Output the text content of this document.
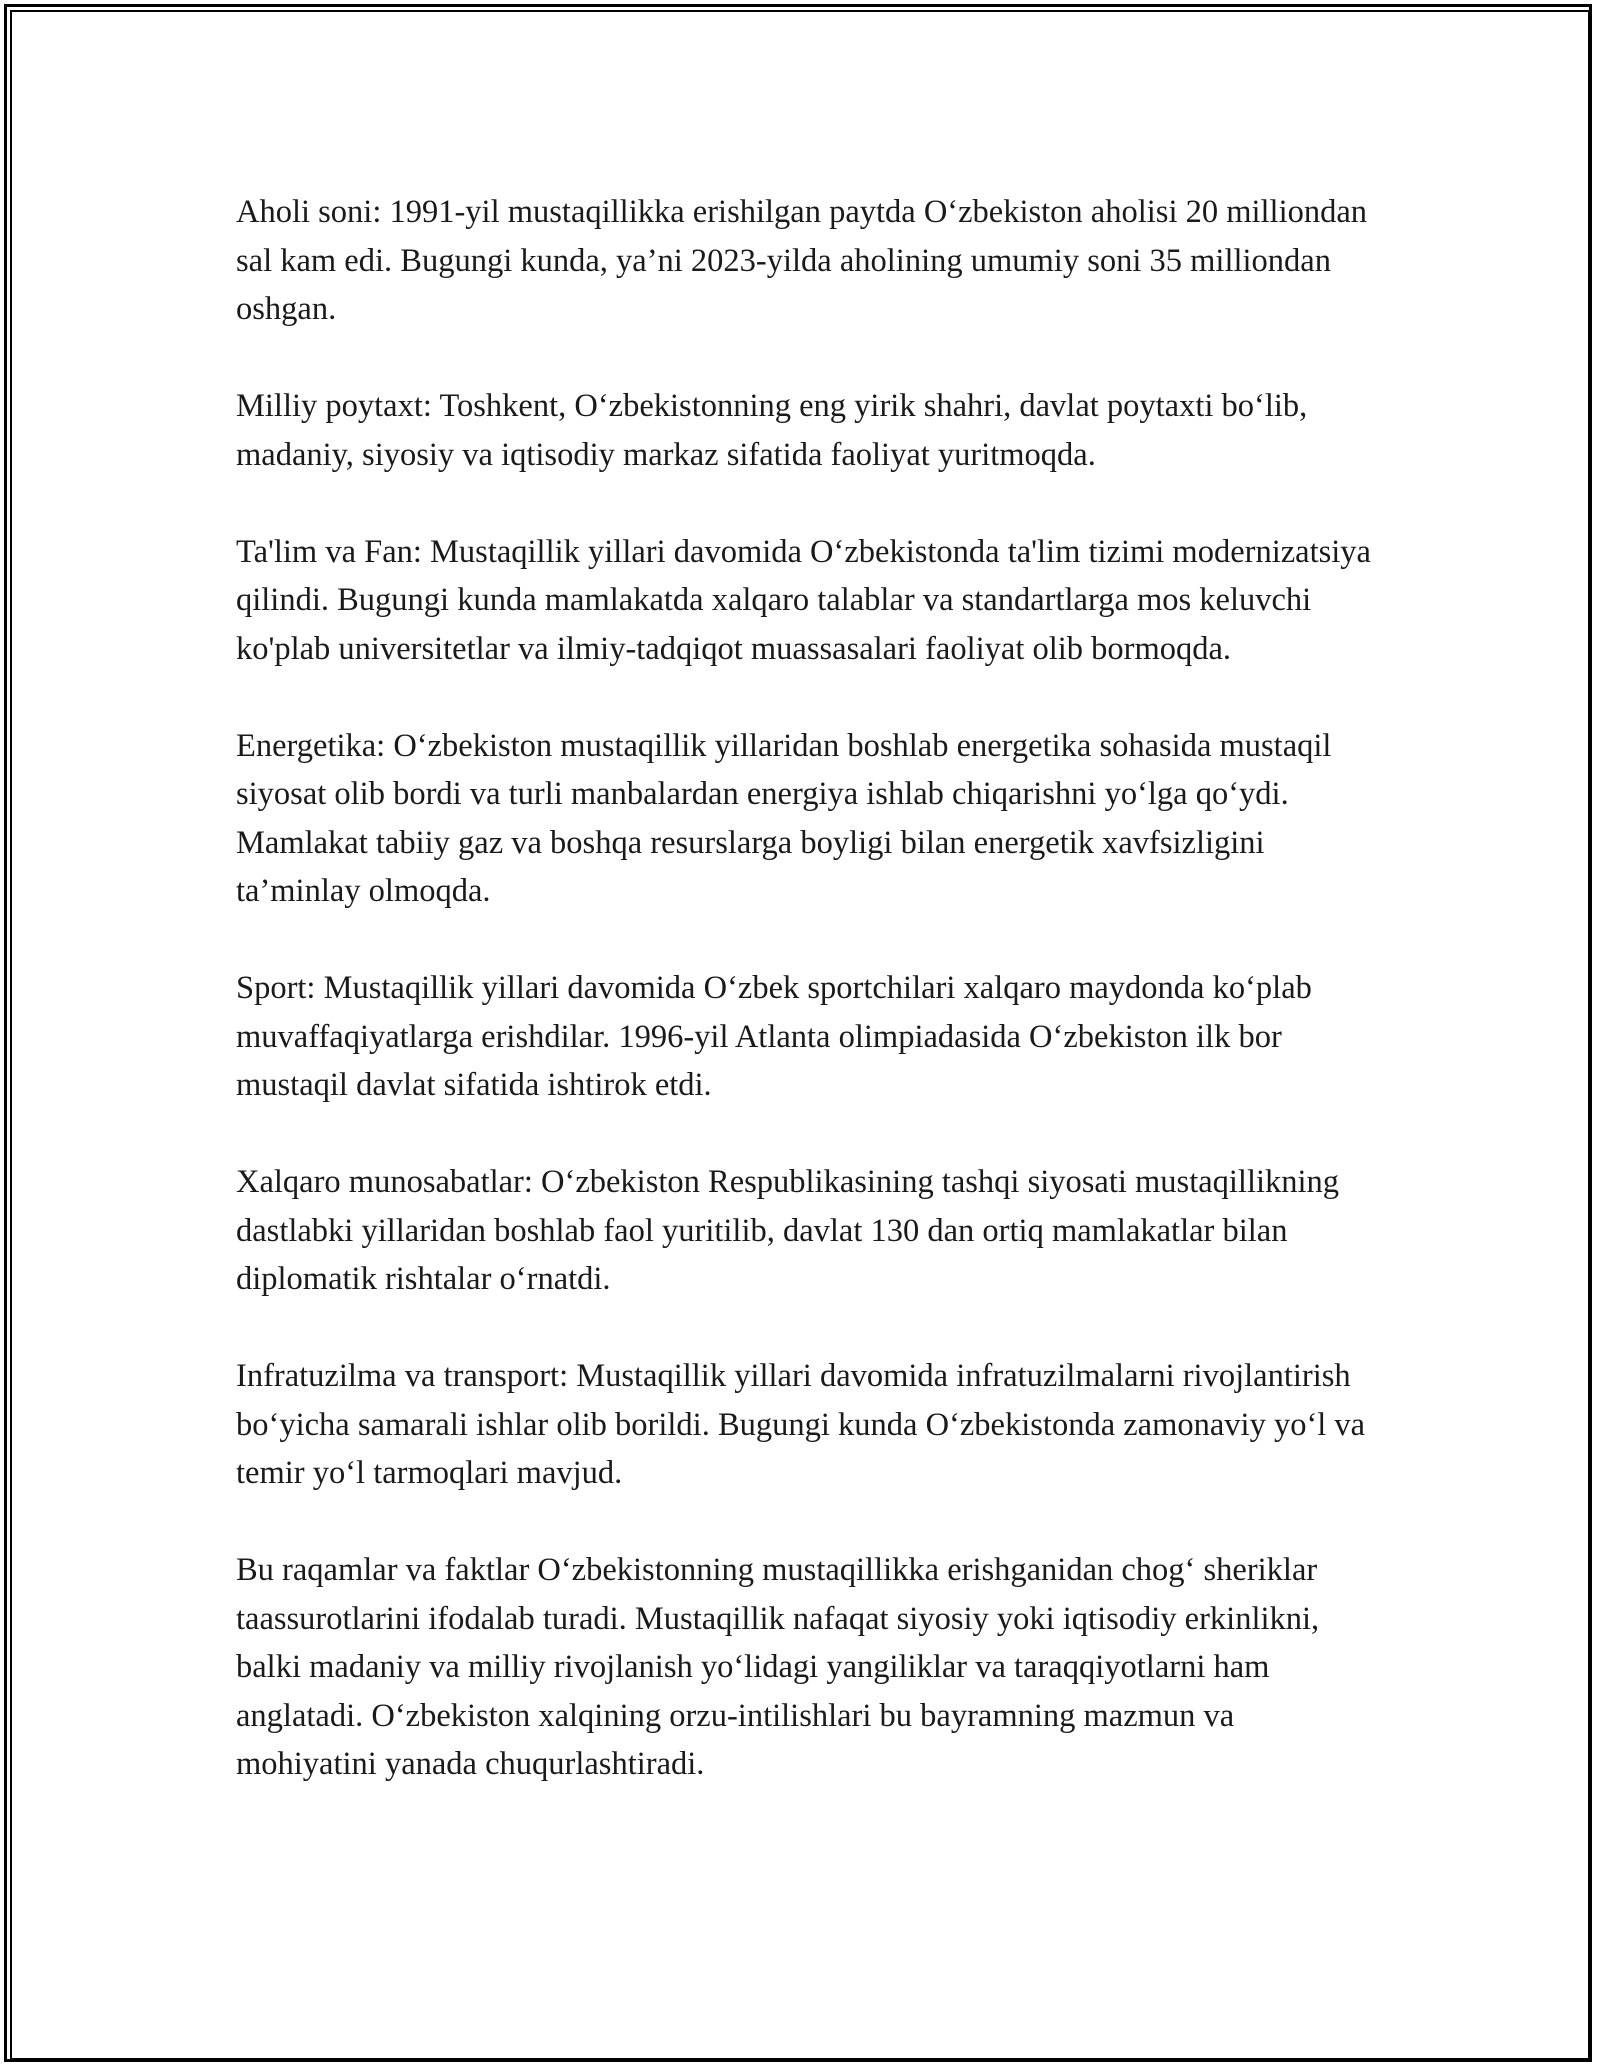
Aholi soni: 1991-yil mustaqillikka erishilgan paytda O‘zbekiston aholisi 20 milliondan sal kam edi. Bugungi kunda, ya’ni 2023-yilda aholining umumiy soni 35 milliondan oshgan.

Milliy poytaxt: Toshkent, O‘zbekistonning eng yirik shahri, davlat poytaxti bo‘lib, madaniy, siyosiy va iqtisodiy markaz sifatida faoliyat yuritmoqda.

Ta'lim va Fan: Mustaqillik yillari davomida O‘zbekistonda ta'lim tizimi modernizatsiya qilindi. Bugungi kunda mamlakatda xalqaro talablar va standartlarga mos keluvchi ko'plab universitetlar va ilmiy-tadqiqot muassasalari faoliyat olib bormoqda.

Energetika: O‘zbekiston mustaqillik yillaridan boshlab energetika sohasida mustaqil siyosat olib bordi va turli manbalardan energiya ishlab chiqarishni yo‘lga qo‘ydi. Mamlakat tabiiy gaz va boshqa resurslarga boyligi bilan energetik xavfsizligini ta’minlay olmoqda.

Sport: Mustaqillik yillari davomida O‘zbek sportchilari xalqaro maydonda ko‘plab muvaffaqiyatlarga erishdilar. 1996-yil Atlanta olimpiadasida O‘zbekiston ilk bor mustaqil davlat sifatida ishtirok etdi.

Xalqaro munosabatlar: O‘zbekiston Respublikasining tashqi siyosati mustaqillikning dastlabki yillaridan boshlab faol yuritilib, davlat 130 dan ortiq mamlakatlar bilan diplomatik rishtalar o‘rnatdi.

Infratuzilma va transport: Mustaqillik yillari davomida infratuzilmalarni rivojlantirish bo‘yicha samarali ishlar olib borildi. Bugungi kunda O‘zbekistonda zamonaviy yo‘l va temir yo‘l tarmoqlari mavjud.

Bu raqamlar va faktlar O‘zbekistonning mustaqillikka erishganidan chog‘ sheriklar taassurotlarini ifodalab turadi. Mustaqillik nafaqat siyosiy yoki iqtisodiy erkinlikni, balki madaniy va milliy rivojlanish yo‘lidagi yangiliklar va taraqqiyotlarni ham anglatadi. O‘zbekiston xalqining orzu-intilishlari bu bayramning mazmun va mohiyatini yanada chuqurlashtiradi.
